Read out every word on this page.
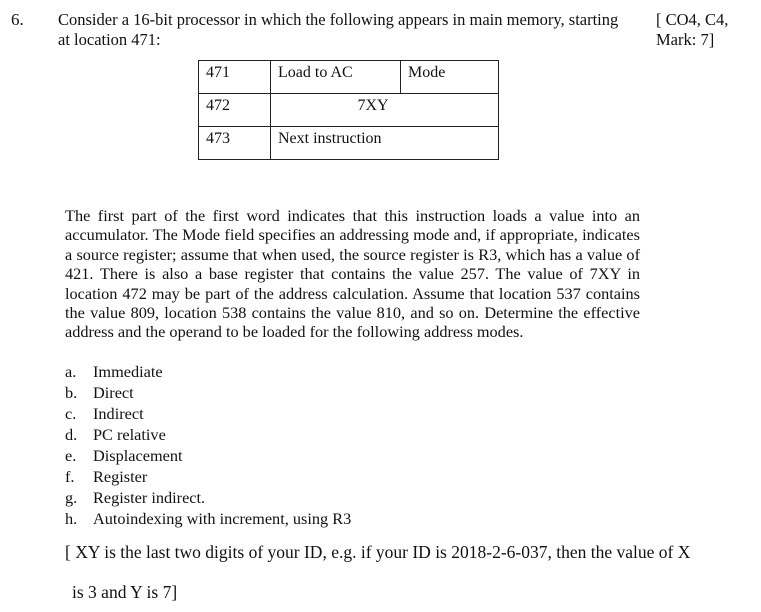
6. Consider a 16-bit processor in which the following appears in main memory, starting
at location 471:
[ CO4, C4,
Mark: 7]
471	Load to AC	Mode
472	7XY	
473	Next instruction	
The first part of the first word indicates that this instruction loads a value into an accumulator. The Mode field specifies an addressing mode and, if appropriate, indicates a source register; assume that when used, the source register is R3, which has a value of 421. There is also a base register that contains the value 257. The value of 7XY in location 472 may be part of the address calculation. Assume that location 537 contains the value 809, location 538 contains the value 810, and so on. Determine the effective address and the operand to be loaded for the following address modes.
a.	Immediate
b. Direct
c.	Indirect
d. PC relative
e.	Displacement
f.	Register
g. Register indirect.
h. Autoindexing with increment, using R3
[ XY is the last two digits of your ID, e.g. if your ID is 2018-2-6-037, then the value of X
is 3 and Y is 7]
